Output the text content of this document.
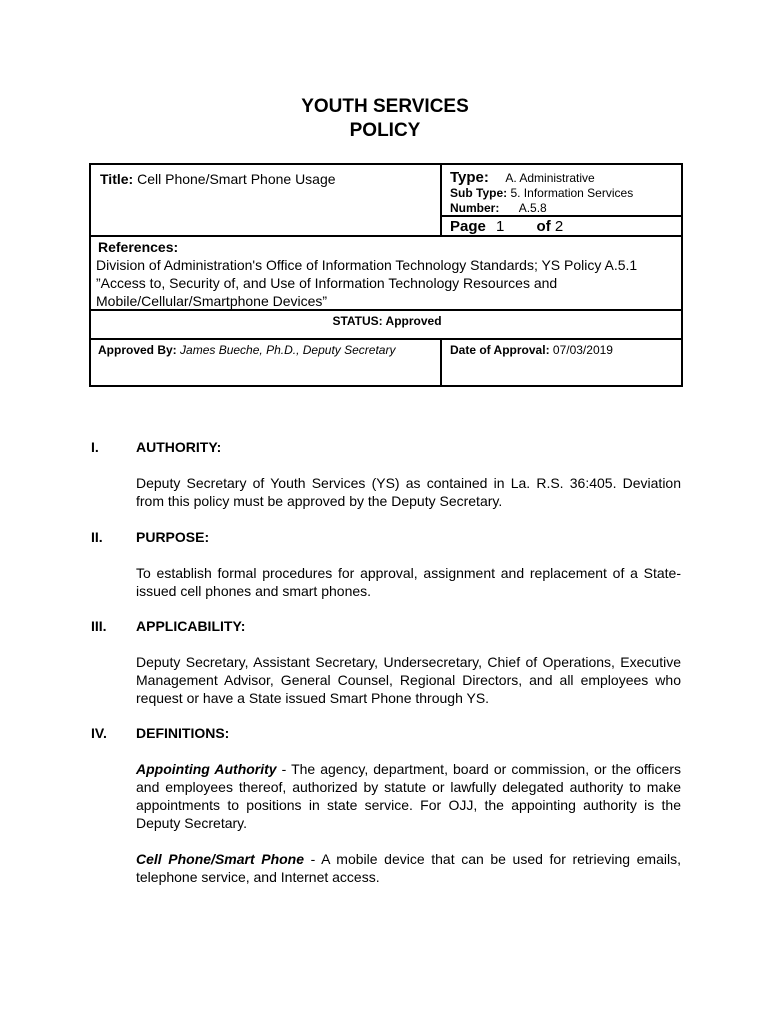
YOUTH SERVICES
POLICY
Title: Cell Phone/Smart Phone Usage	Type: A. Administrative
Sub Type: 5. Information Services
Number: A.5.8
Page 1 of 2
References:
Division of Administration's Office of Information Technology Standards; YS Policy A.5.1 ”Access to, Security of, and Use of Information Technology Resources and Mobile/Cellular/Smartphone Devices”
STATUS: Approved
Approved By: James Bueche, Ph.D., Deputy Secretary	Date of Approval: 07/03/2019
I.	AUTHORITY:
Deputy Secretary of Youth Services (YS) as contained in La. R.S. 36:405. Deviation from this policy must be approved by the Deputy Secretary.
II. PURPOSE:
To establish formal procedures for approval, assignment and replacement of a State-issued cell phones and smart phones.
III. APPLICABILITY:
Deputy Secretary, Assistant Secretary, Undersecretary, Chief of Operations, Executive Management Advisor, General Counsel, Regional Directors, and all employees who request or have a State issued Smart Phone through YS.
IV. DEFINITIONS:
Appointing Authority - The agency, department, board or commission, or the officers and employees thereof, authorized by statute or lawfully delegated authority to make appointments to positions in state service. For OJJ, the appointing authority is the Deputy Secretary.
Cell Phone/Smart Phone - A mobile device that can be used for retrieving emails, telephone service, and Internet access.
